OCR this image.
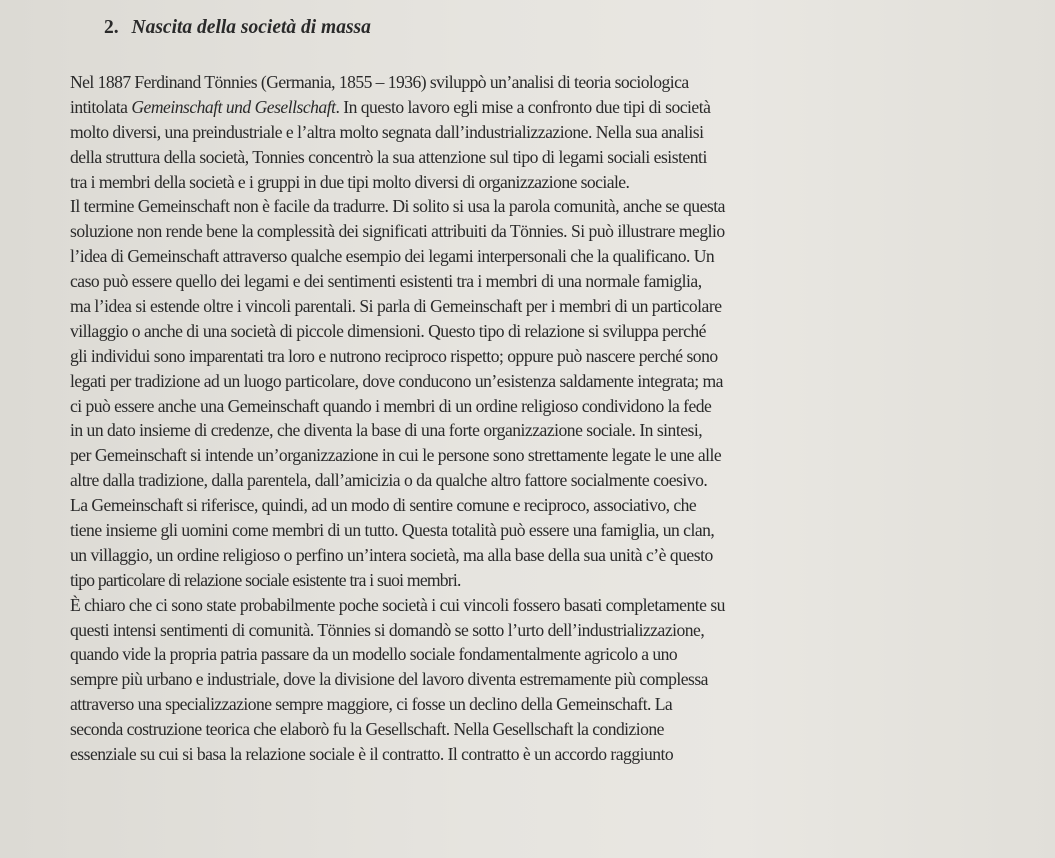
2. Nascita della società di massa
Nel 1887 Ferdinand Tönnies (Germania, 1855 – 1936) sviluppò un’analisi di teoria sociologica
intitolata Gemeinschaft und Gesellschaft. In questo lavoro egli mise a confronto due tipi di società
molto diversi, una preindustriale e l’altra molto segnata dall’industrializzazione. Nella sua analisi
della struttura della società, Tonnies concentrò la sua attenzione sul tipo di legami sociali esistenti
tra i membri della società e i gruppi in due tipi molto diversi di organizzazione sociale.
Il termine Gemeinschaft non è facile da tradurre. Di solito si usa la parola comunità, anche se questa
soluzione non rende bene la complessità dei significati attribuiti da Tönnies. Si può illustrare meglio
l’idea di Gemeinschaft attraverso qualche esempio dei legami interpersonali che la qualificano. Un
caso può essere quello dei legami e dei sentimenti esistenti tra i membri di una normale famiglia,
ma l’idea si estende oltre i vincoli parentali. Si parla di Gemeinschaft per i membri di un particolare
villaggio o anche di una società di piccole dimensioni. Questo tipo di relazione si sviluppa perché
gli individui sono imparentati tra loro e nutrono reciproco rispetto; oppure può nascere perché sono
legati per tradizione ad un luogo particolare, dove conducono un’esistenza saldamente integrata; ma
ci può essere anche una Gemeinschaft quando i membri di un ordine religioso condividono la fede
in un dato insieme di credenze, che diventa la base di una forte organizzazione sociale. In sintesi,
per Gemeinschaft si intende un’organizzazione in cui le persone sono strettamente legate le une alle
altre dalla tradizione, dalla parentela, dall’amicizia o da qualche altro fattore socialmente coesivo.
La Gemeinschaft si riferisce, quindi, ad un modo di sentire comune e reciproco, associativo, che
tiene insieme gli uomini come membri di un tutto. Questa totalità può essere una famiglia, un clan,
un villaggio, un ordine religioso o perfino un’intera società, ma alla base della sua unità c’è questo
tipo particolare di relazione sociale esistente tra i suoi membri.
È chiaro che ci sono state probabilmente poche società i cui vincoli fossero basati completamente su
questi intensi sentimenti di comunità. Tönnies si domandò se sotto l’urto dell’industrializzazione,
quando vide la propria patria passare da un modello sociale fondamentalmente agricolo a uno
sempre più urbano e industriale, dove la divisione del lavoro diventa estremamente più complessa
attraverso una specializzazione sempre maggiore, ci fosse un declino della Gemeinschaft. La
seconda costruzione teorica che elaborò fu la Gesellschaft. Nella Gesellschaft la condizione
essenziale su cui si basa la relazione sociale è il contratto. Il contratto è un accordo raggiunto
